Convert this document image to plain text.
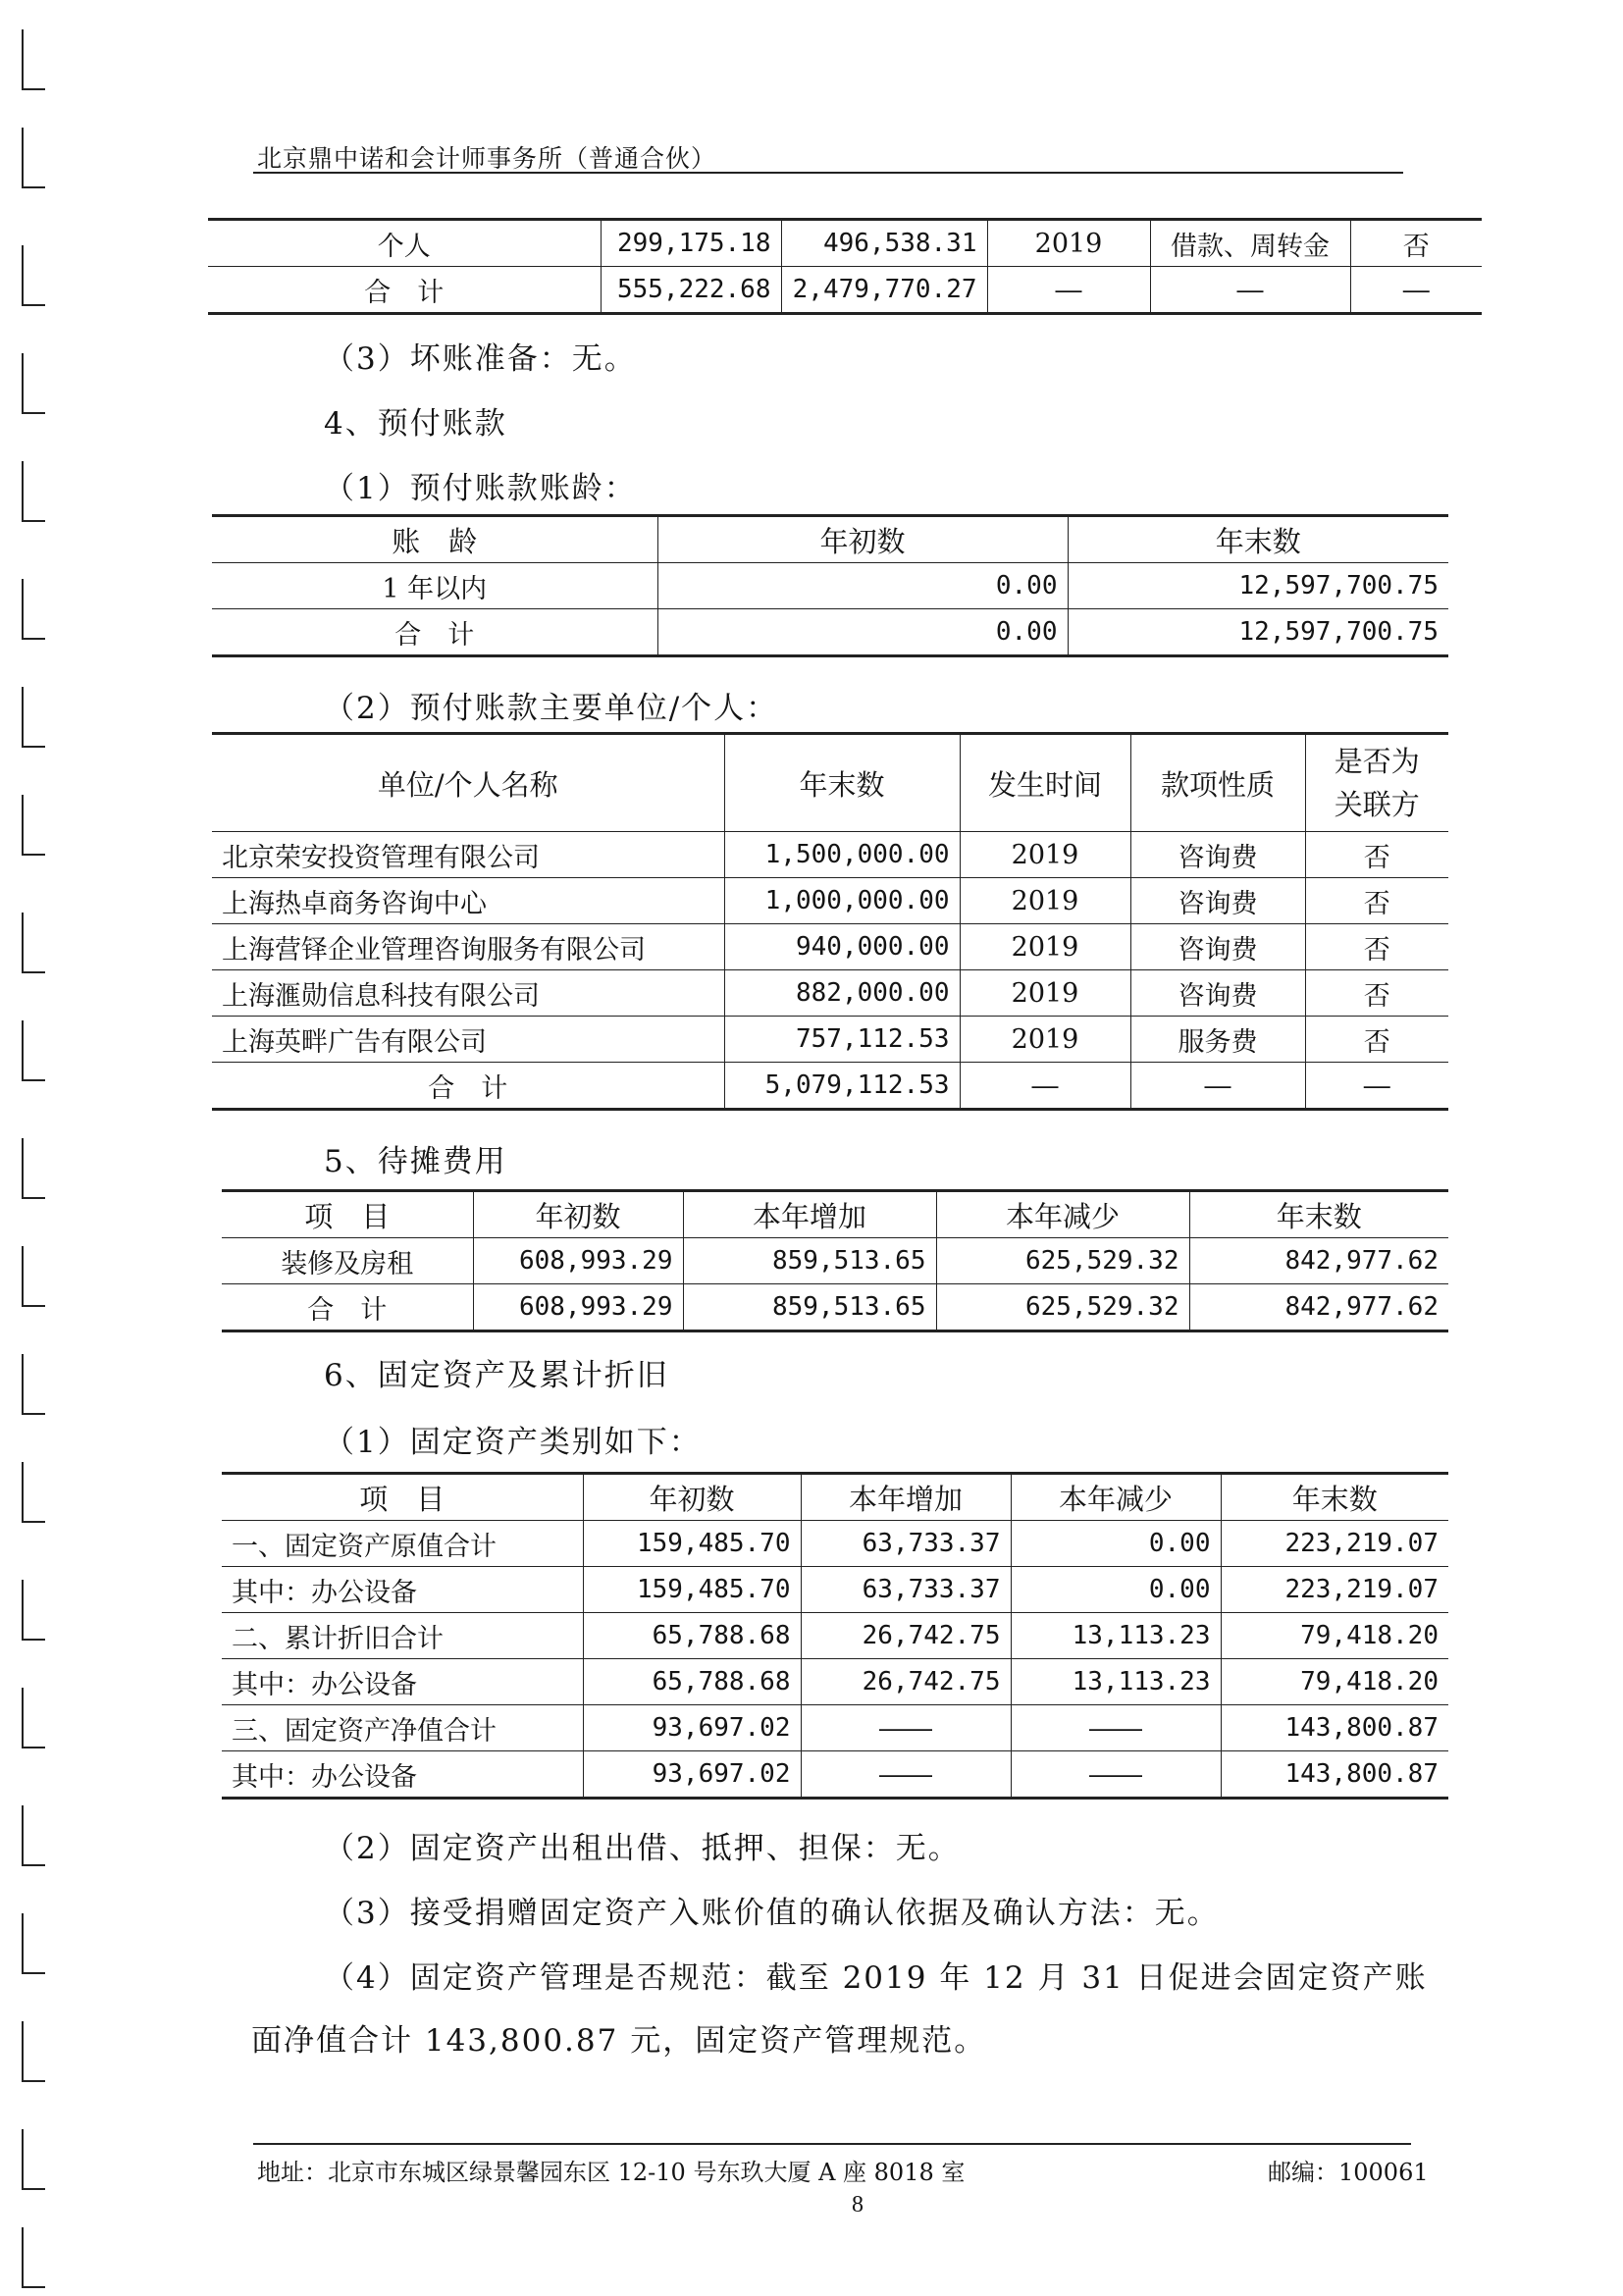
北京鼎中诺和会计师事务所（普通合伙）
个人	299,175.18	496,538.31	2019	借款、周转金	否
合　计	555,222.68	2,479,770.27	—	—	—
（3）坏账准备：无。
4、预付账款
（1）预付账款账龄：
账　龄	年初数	年末数
1 年以内	0.00	12,597,700.75
合　计	0.00	12,597,700.75
（2）预付账款主要单位/个人：
单位/个人名称	年末数	发生时间	款项性质	是否为
关联方
北京荣安投资管理有限公司	1,500,000.00	2019	咨询费	否
上海热卓商务咨询中心	1,000,000.00	2019	咨询费	否
上海营铎企业管理咨询服务有限公司	940,000.00	2019	咨询费	否
上海滙勋信息科技有限公司	882,000.00	2019	咨询费	否
上海英畔广告有限公司	757,112.53	2019	服务费	否
合　计	5,079,112.53	—	—	—
5、待摊费用
项　目	年初数	本年增加	本年减少	年末数
装修及房租	608,993.29	859,513.65	625,529.32	842,977.62
合　计	608,993.29	859,513.65	625,529.32	842,977.62
6、固定资产及累计折旧
（1）固定资产类别如下：
项　目	年初数	本年增加	本年减少	年末数
一、固定资产原值合计	159,485.70	63,733.37	0.00	223,219.07
其中：办公设备	159,485.70	63,733.37	0.00	223,219.07
二、累计折旧合计	65,788.68	26,742.75	13,113.23	79,418.20
其中：办公设备	65,788.68	26,742.75	13,113.23	79,418.20
三、固定资产净值合计	93,697.02	——	——	143,800.87
其中：办公设备	93,697.02	——	——	143,800.87
（2）固定资产出租出借、抵押、担保：无。
（3）接受捐赠固定资产入账价值的确认依据及确认方法：无。
（4）固定资产管理是否规范：截至 2019 年 12 月 31 日促进会固定资产账
面净值合计 143,800.87 元，固定资产管理规范。
地址：北京市东城区绿景馨园东区 12-10 号东玖大厦 A 座 8018 室	邮编：100061
8
